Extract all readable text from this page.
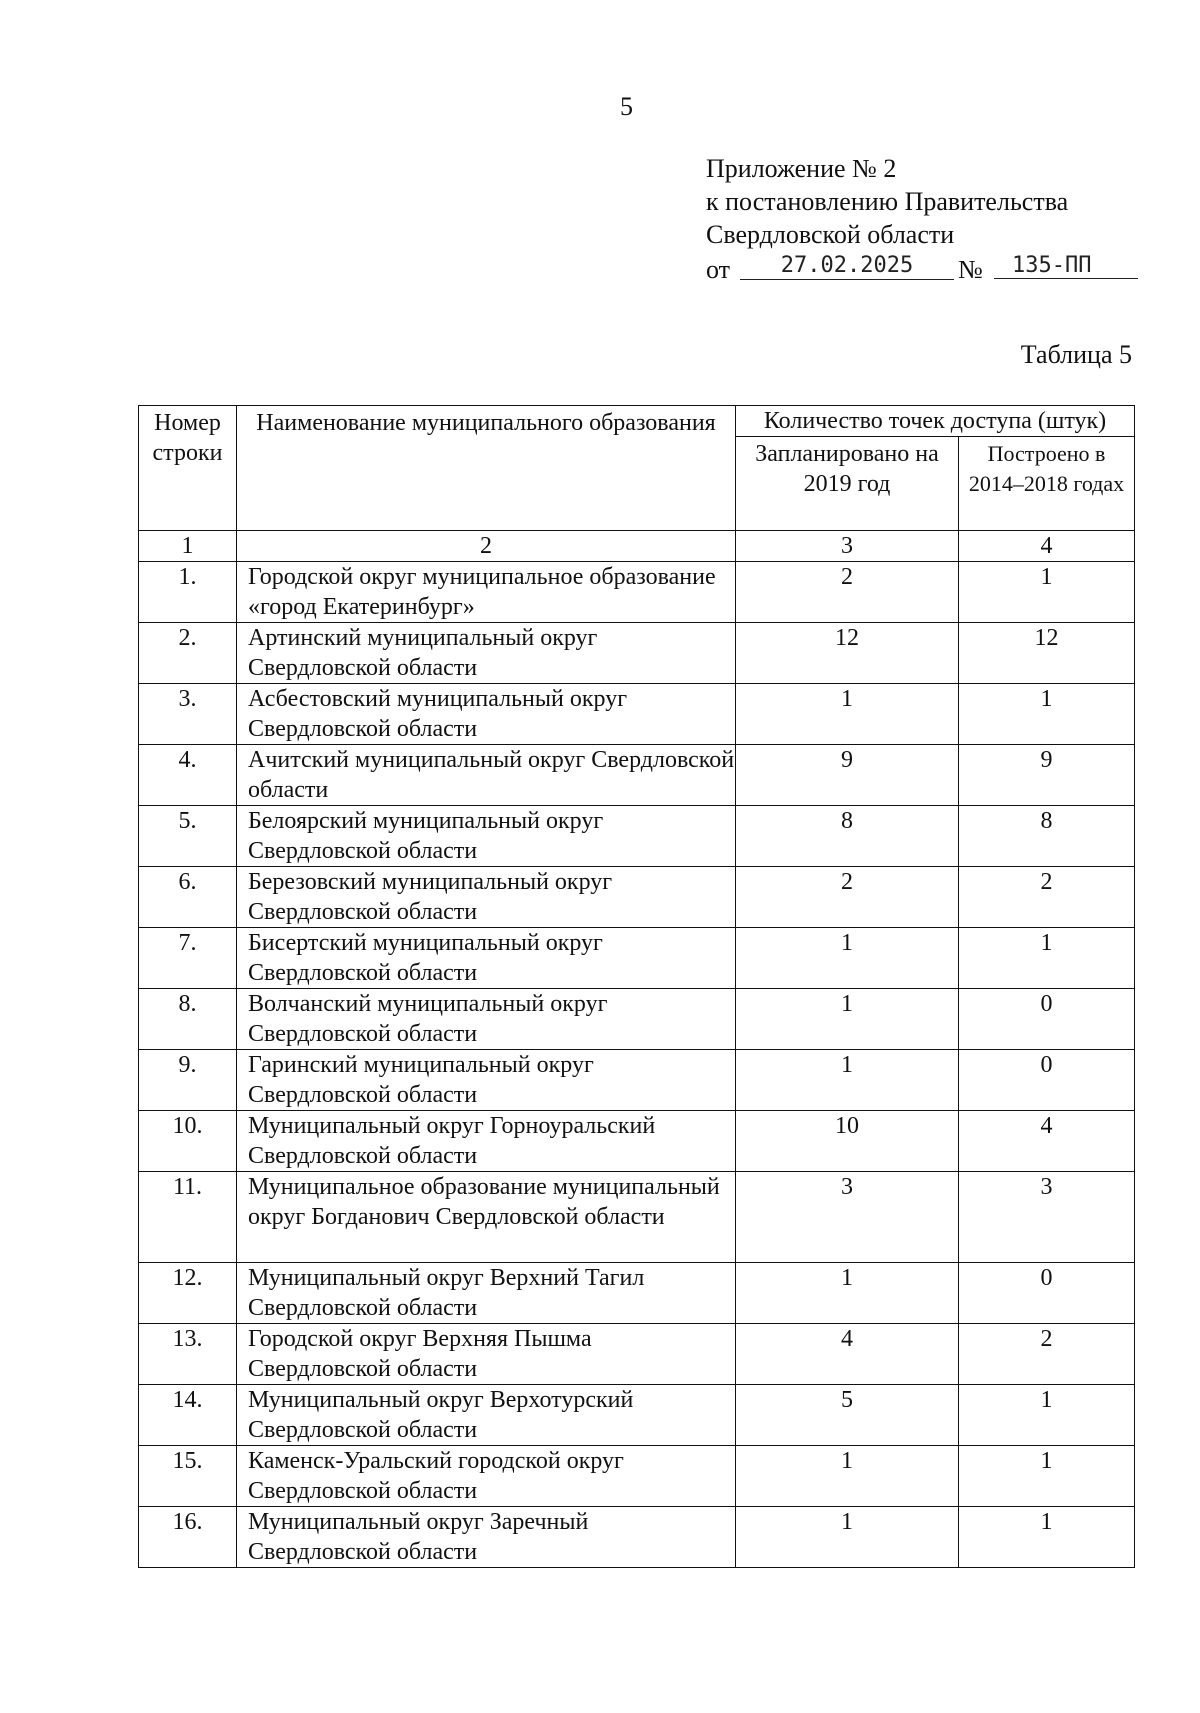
5
Приложение № 2
к постановлению Правительства
Свердловской области
от	27.02.2025	№	135-ПП
Таблица 5
Номер строки	Наименование муниципального образования	Количество точек доступа (штук)	
		Запланировано на 2019 год	Построено в 2014–2018 годах
1	2	3	4
1.	Городской округ муниципальное образование «город Екатеринбург»	2	1
2.	Артинский муниципальный округ Свердловской области	12	12
3.	Асбестовский муниципальный округ Свердловской области	1	1
4.	Ачитский муниципальный округ Свердловской области	9	9
5.	Белоярский муниципальный округ Свердловской области	8	8
6.	Березовский муниципальный округ Свердловской области	2	2
7.	Бисертский муниципальный округ Свердловской области	1	1
8.	Волчанский муниципальный округ Свердловской области	1	0
9.	Гаринский муниципальный округ Свердловской области	1	0
10.	Муниципальный округ Горноуральский Свердловской области	10	4
11.	Муниципальное образование муниципальный округ Богданович Свердловской области	3	3
12.	Муниципальный округ Верхний Тагил Свердловской области	1	0
13.	Городской округ Верхняя Пышма Свердловской области	4	2
14.	Муниципальный округ Верхотурский Свердловской области	5	1
15.	Каменск-Уральский городской округ Свердловской области	1	1
16.	Муниципальный округ Заречный Свердловской области	1	1
